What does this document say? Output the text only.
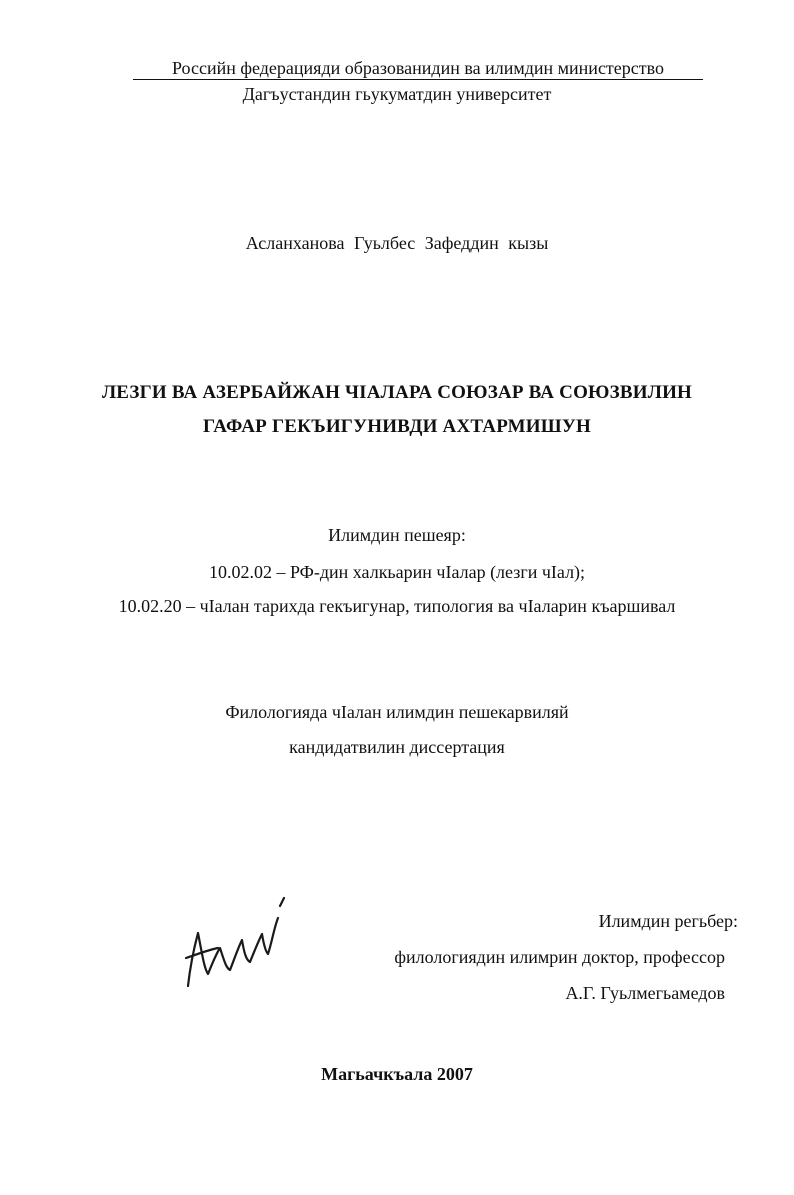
Российн федерацияди образованидин ва илимдин министерство
Дагъустандин гьукуматдин университет
Асланханова Гуьлбес Зафеддин кызы
ЛЕЗГИ ВА АЗЕРБАЙЖАН ЧIАЛАРА СОЮЗАР ВА СОЮЗВИЛИН
ГАФАР ГЕКЪИГУНИВДИ АХТАРМИШУН
Илимдин пешеяр:
10.02.02 – РФ-дин халкьарин чIалар (лезги чIал);
10.02.20 – чIалан тарихда гекъигунар, типология ва чIаларин къаршивал
Филологияда чIалан илимдин пешекарвиляй
кандидатвилин диссертация
Илимдин регьбер:
филологиядин илимрин доктор, профессор
А.Г. Гуьлмегьамедов
Магьачкъала 2007
